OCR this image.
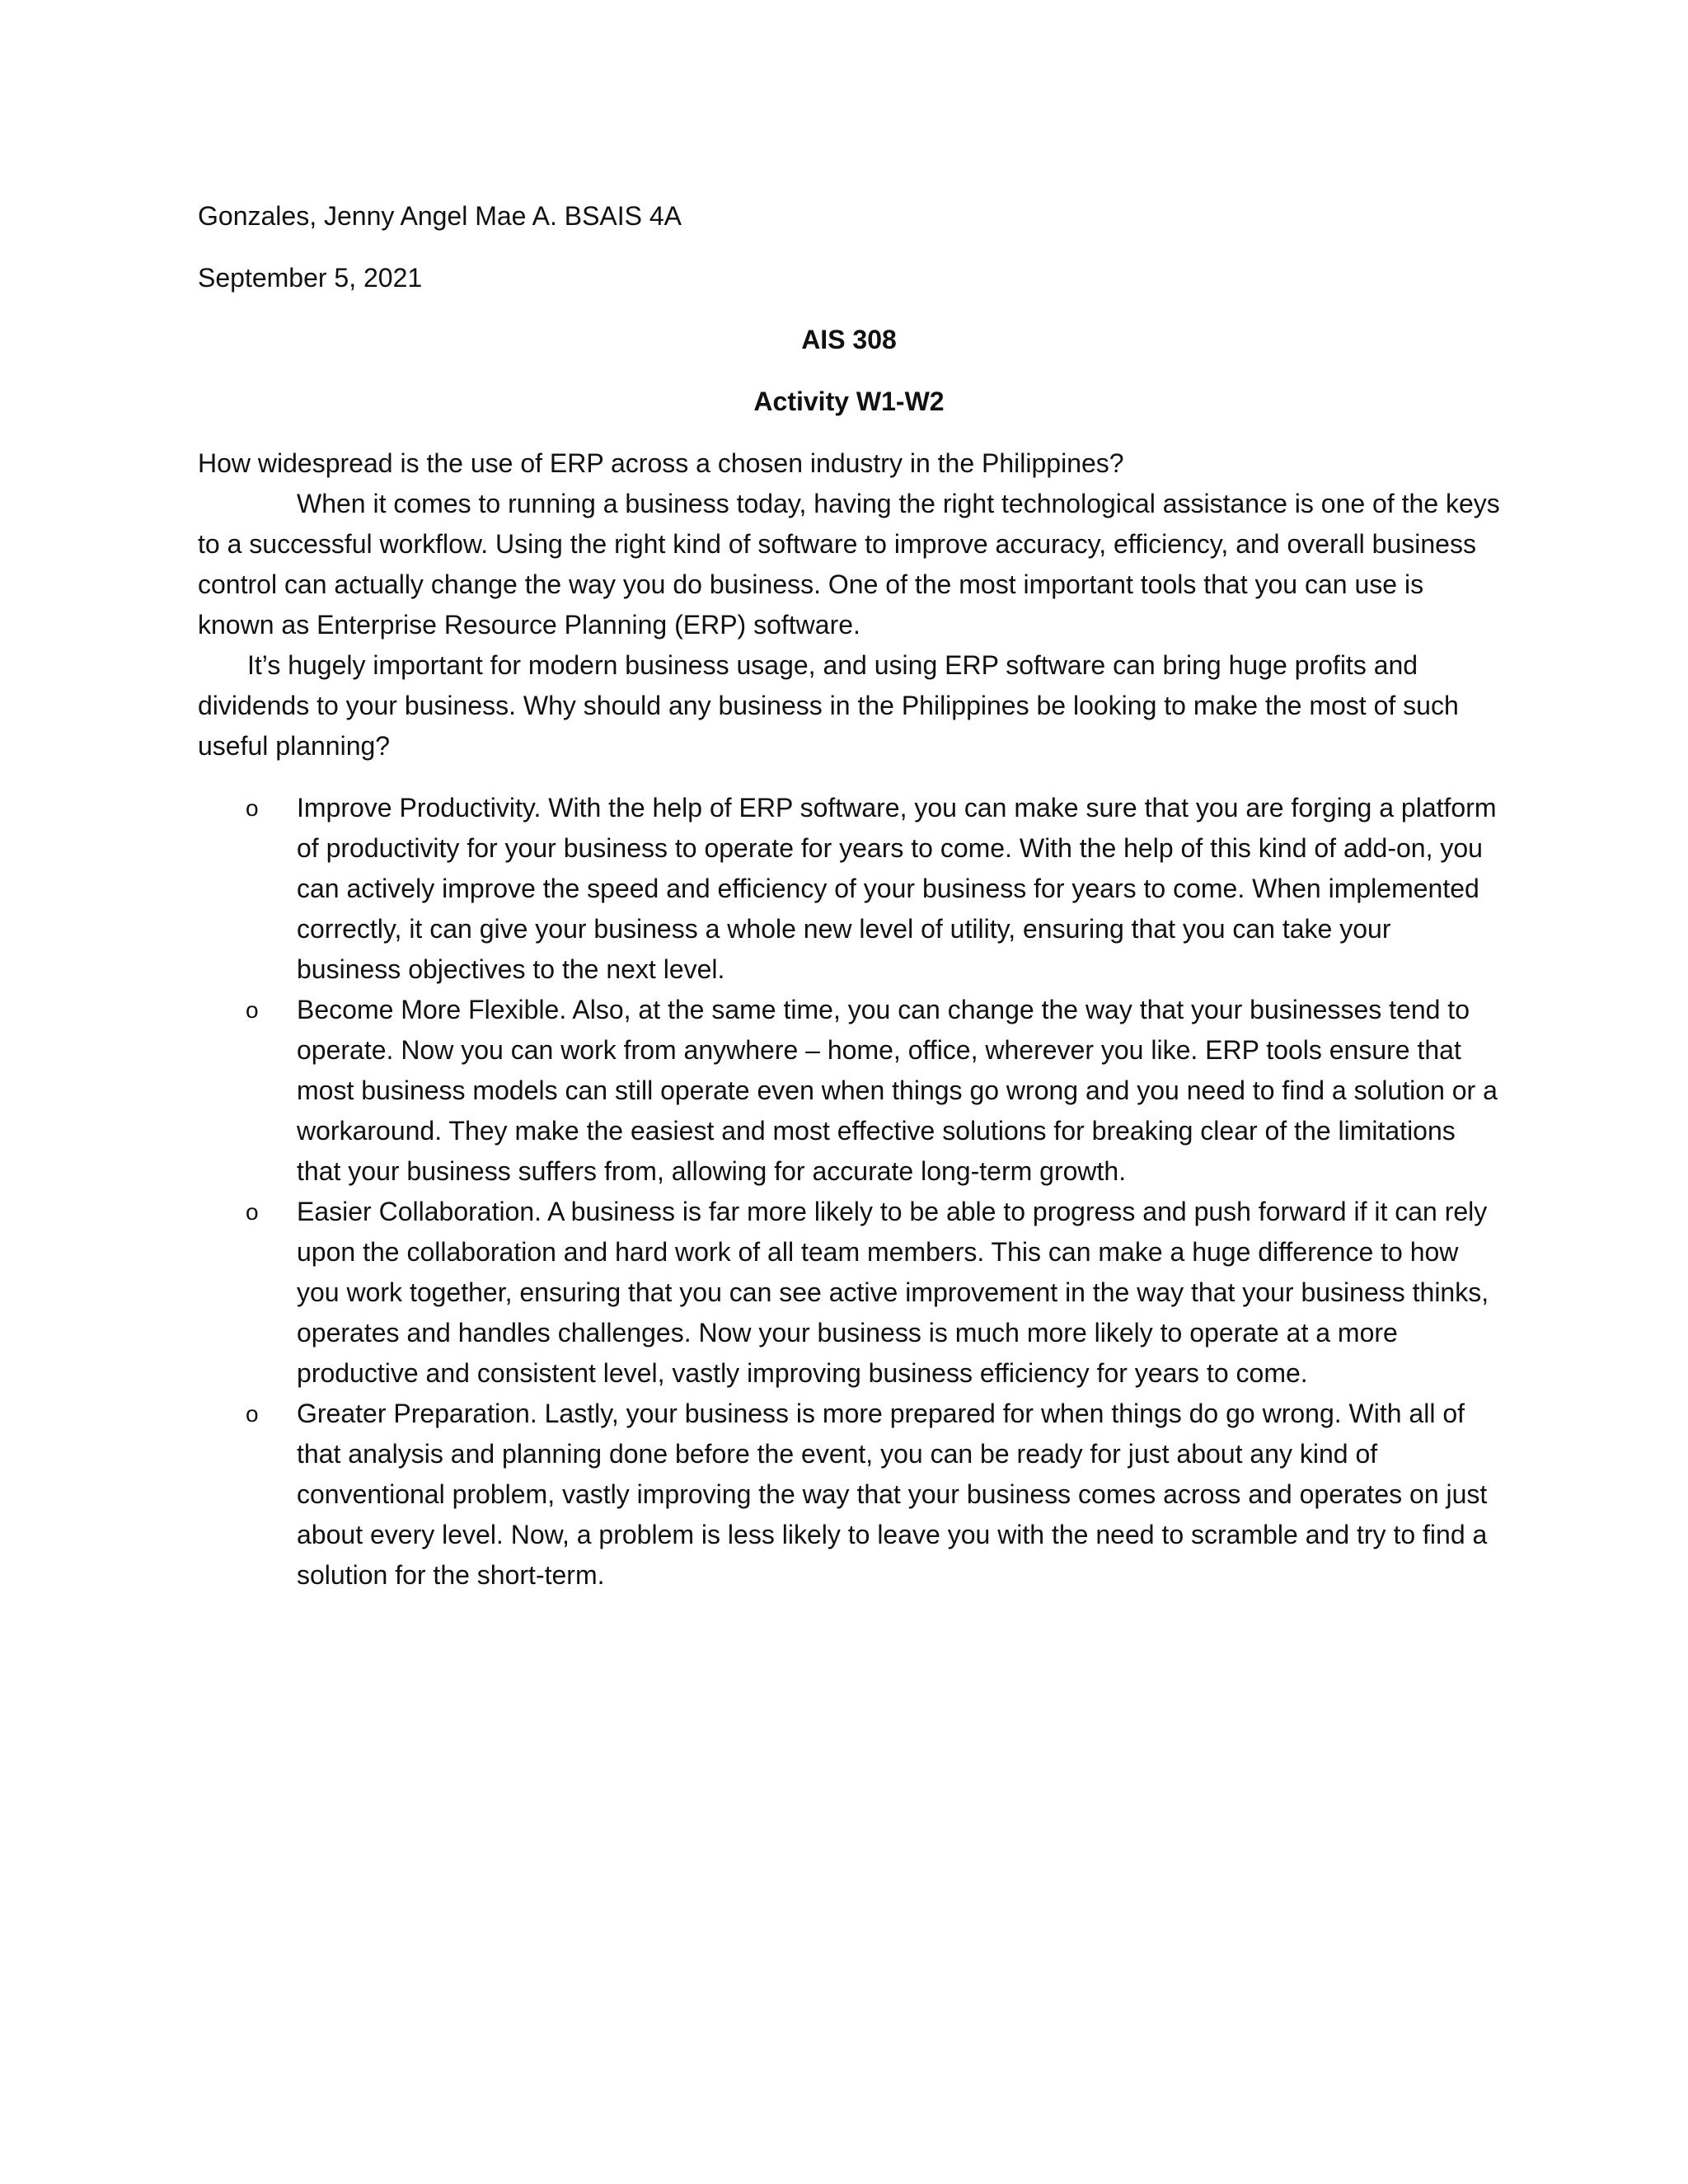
Gonzales, Jenny Angel Mae A. BSAIS 4A

September 5, 2021

AIS 308

Activity W1-W2

How widespread is the use of ERP across a chosen industry in the Philippines?

When it comes to running a business today, having the right technological assistance is one of the keys to a successful workflow. Using the right kind of software to improve accuracy, efficiency, and overall business control can actually change the way you do business. One of the most important tools that you can use is known as Enterprise Resource Planning (ERP) software.

It’s hugely important for modern business usage, and using ERP software can bring huge profits and dividends to your business. Why should any business in the Philippines be looking to make the most of such useful planning?

o Improve Productivity. With the help of ERP software, you can make sure that you are forging a platform of productivity for your business to operate for years to come. With the help of this kind of add-on, you can actively improve the speed and efficiency of your business for years to come. When implemented correctly, it can give your business a whole new level of utility, ensuring that you can take your business objectives to the next level.
o Become More Flexible. Also, at the same time, you can change the way that your businesses tend to operate. Now you can work from anywhere – home, office, wherever you like. ERP tools ensure that most business models can still operate even when things go wrong and you need to find a solution or a workaround. They make the easiest and most effective solutions for breaking clear of the limitations that your business suffers from, allowing for accurate long-term growth.
o Easier Collaboration. A business is far more likely to be able to progress and push forward if it can rely upon the collaboration and hard work of all team members. This can make a huge difference to how you work together, ensuring that you can see active improvement in the way that your business thinks, operates and handles challenges. Now your business is much more likely to operate at a more productive and consistent level, vastly improving business efficiency for years to come.
o Greater Preparation. Lastly, your business is more prepared for when things do go wrong. With all of that analysis and planning done before the event, you can be ready for just about any kind of conventional problem, vastly improving the way that your business comes across and operates on just about every level. Now, a problem is less likely to leave you with the need to scramble and try to find a solution for the short-term.
